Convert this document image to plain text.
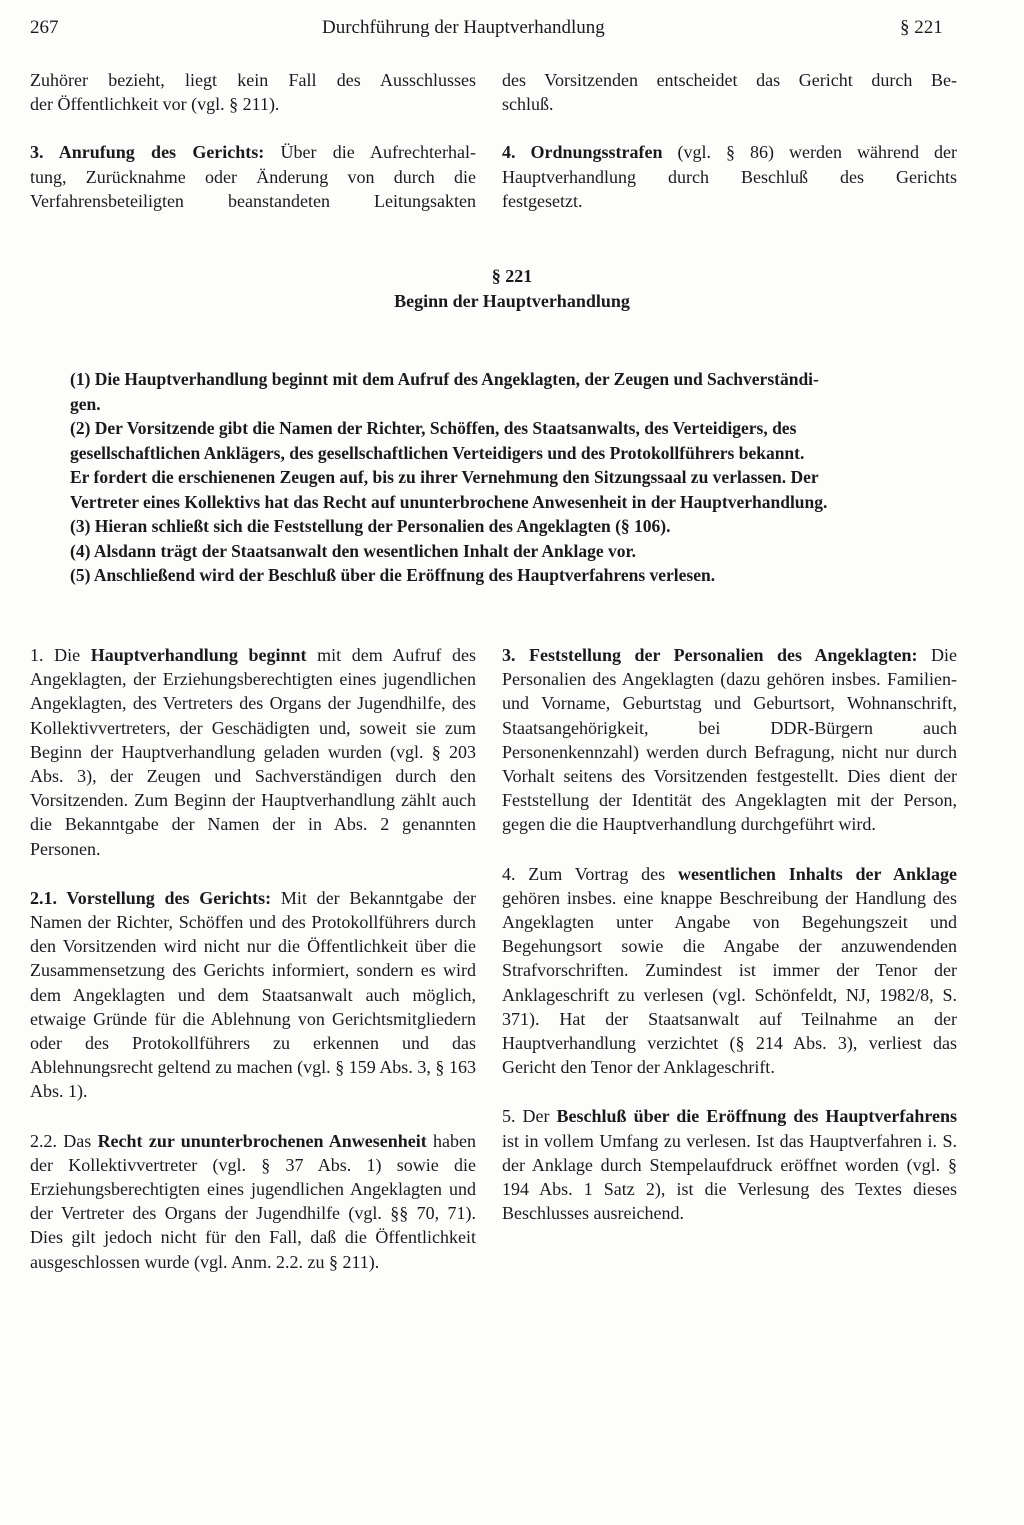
267	Durchführung der Hauptverhandlung	§ 221
Zuhörer bezieht, liegt kein Fall des Ausschlusses
der Öffentlichkeit vor (vgl. § 211).
3. Anrufung des Gerichts: Über die Aufrechterhal-
tung, Zurücknahme oder Änderung von durch die
Verfahrensbeteiligten beanstandeten Leitungsakten
des Vorsitzenden entscheidet das Gericht durch Be-
schluß.
4. Ordnungsstrafen (vgl. § 86) werden während der
Hauptverhandlung durch Beschluß des Gerichts
festgesetzt.
§ 221
Beginn der Hauptverhandlung
(1) Die Hauptverhandlung beginnt mit dem Aufruf des Angeklagten, der Zeugen und Sachverständi-
gen.
(2) Der Vorsitzende gibt die Namen der Richter, Schöffen, des Staatsanwalts, des Verteidigers, des
gesellschaftlichen Anklägers, des gesellschaftlichen Verteidigers und des Protokollführers bekannt.
Er fordert die erschienenen Zeugen auf, bis zu ihrer Vernehmung den Sitzungssaal zu verlassen. Der
Vertreter eines Kollektivs hat das Recht auf ununterbrochene Anwesenheit in der Hauptverhandlung.
(3) Hieran schließt sich die Feststellung der Personalien des Angeklagten (§ 106).
(4) Alsdann trägt der Staatsanwalt den wesentlichen Inhalt der Anklage vor.
(5) Anschließend wird der Beschluß über die Eröffnung des Hauptverfahrens verlesen.
1. Die Hauptverhandlung beginnt mit dem Aufruf des Angeklagten, der Erziehungsberechtigten eines jugendlichen Angeklagten, des Vertreters des Organs der Jugendhilfe, des Kollektivvertreters, der Geschädigten und, soweit sie zum Beginn der Hauptverhandlung geladen wurden (vgl. § 203 Abs. 3), der Zeugen und Sachverständigen durch den Vorsitzenden. Zum Beginn der Hauptverhandlung zählt auch die Bekanntgabe der Namen der in Abs. 2 genannten Personen.
2.1. Vorstellung des Gerichts: Mit der Bekanntgabe der Namen der Richter, Schöffen und des Protokollführers durch den Vorsitzenden wird nicht nur die Öffentlichkeit über die Zusammensetzung des Gerichts informiert, sondern es wird dem Angeklagten und dem Staatsanwalt auch möglich, etwaige Gründe für die Ablehnung von Gerichtsmitgliedern oder des Protokollführers zu erkennen und das Ablehnungsrecht geltend zu machen (vgl. § 159 Abs. 3, § 163 Abs. 1).
2.2. Das Recht zur ununterbrochenen Anwesenheit haben der Kollektivvertreter (vgl. § 37 Abs. 1) sowie die Erziehungsberechtigten eines jugendlichen Angeklagten und der Vertreter des Organs der Jugendhilfe (vgl. §§ 70, 71). Dies gilt jedoch nicht für den Fall, daß die Öffentlichkeit ausgeschlossen wurde (vgl. Anm. 2.2. zu § 211).
3. Feststellung der Personalien des Angeklagten: Die Personalien des Angeklagten (dazu gehören insbes. Familien- und Vorname, Geburtstag und Geburtsort, Wohnanschrift, Staatsangehörigkeit, bei DDR-Bürgern auch Personenkennzahl) werden durch Befragung, nicht nur durch Vorhalt seitens des Vorsitzenden festgestellt. Dies dient der Feststellung der Identität des Angeklagten mit der Person, gegen die die Hauptverhandlung durchgeführt wird.
4. Zum Vortrag des wesentlichen Inhalts der Anklage gehören insbes. eine knappe Beschreibung der Handlung des Angeklagten unter Angabe von Begehungszeit und Begehungsort sowie die Angabe der anzuwendenden Strafvorschriften. Zumindest ist immer der Tenor der Anklageschrift zu verlesen (vgl. Schönfeldt, NJ, 1982/8, S. 371). Hat der Staatsanwalt auf Teilnahme an der Hauptverhandlung verzichtet (§ 214 Abs. 3), verliest das Gericht den Tenor der Anklageschrift.
5. Der Beschluß über die Eröffnung des Hauptverfahrens ist in vollem Umfang zu verlesen. Ist das Hauptverfahren i. S. der Anklage durch Stempelaufdruck eröffnet worden (vgl. § 194 Abs. 1 Satz 2), ist die Verlesung des Textes dieses Beschlusses ausreichend.
